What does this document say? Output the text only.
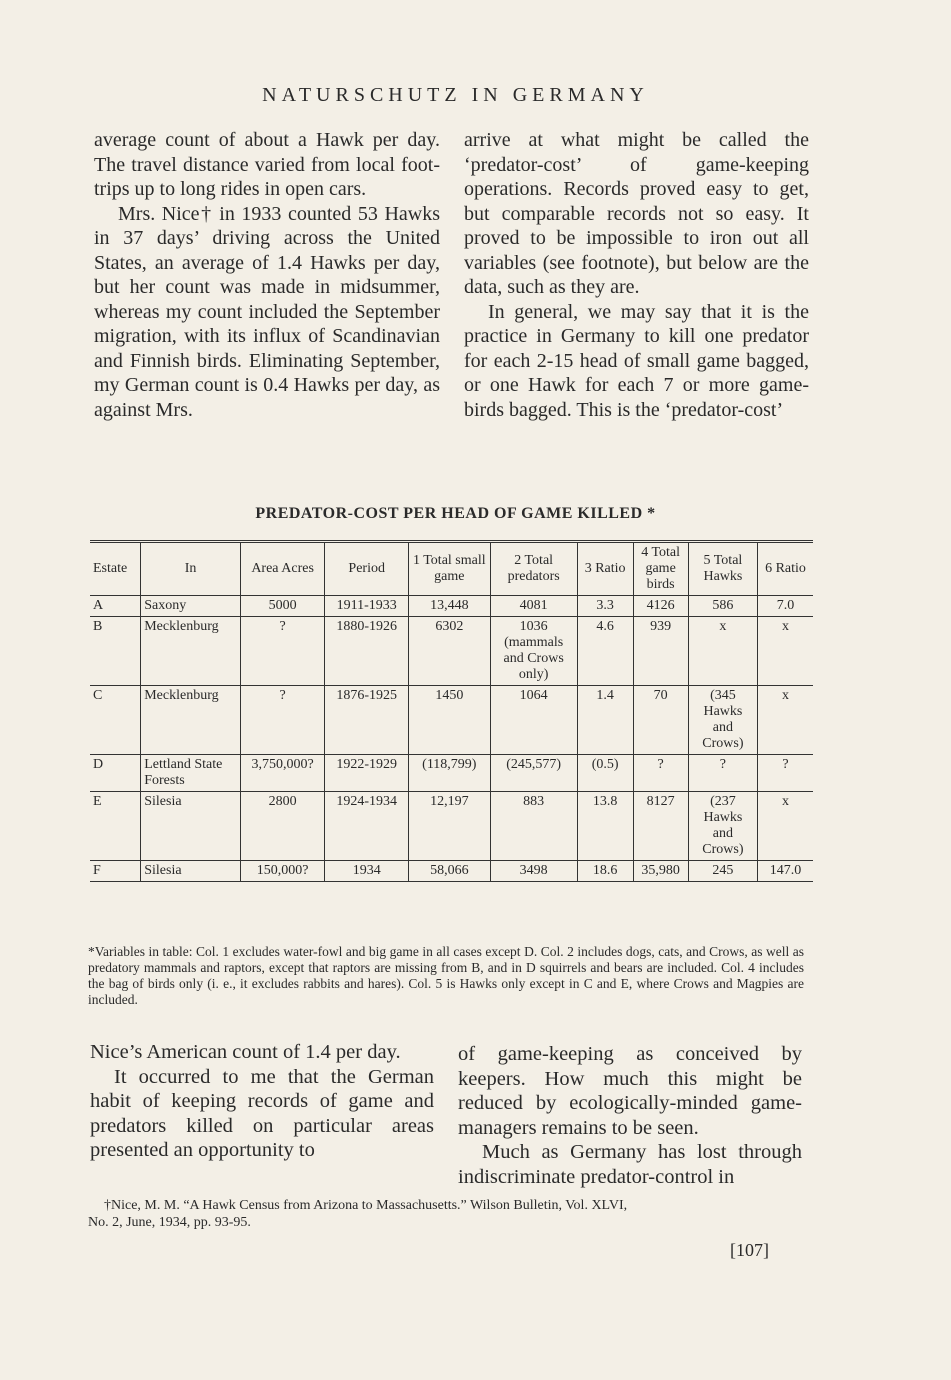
NATURSCHUTZ IN GERMANY

average count of about a Hawk per day. The travel distance varied from local foot-trips up to long rides in open cars.

Mrs. Nice† in 1933 counted 53 Hawks in 37 days’ driving across the United States, an average of 1.4 Hawks per day, but her count was made in midsummer, whereas my count included the September migration, with its influx of Scandinavian and Finnish birds. Eliminating September, my German count is 0.4 Hawks per day, as against Mrs.

arrive at what might be called the ‘predator-cost’ of game-keeping operations. Records proved easy to get, but comparable records not so easy. It proved to be impossible to iron out all variables (see footnote), but below are the data, such as they are.

In general, we may say that it is the practice in Germany to kill one predator for each 2-15 head of small game bagged, or one Hawk for each 7 or more game-birds bagged. This is the ‘predator-cost’

PREDATOR-COST PER HEAD OF GAME KILLED *
Estate	In	Area Acres	Period	1 Total small game	2 Total predators	3 Ratio	4 Total game birds	5 Total Hawks	6 Ratio
A	Saxony	5000	1911-1933	13,448	4081	3.3	4126	586	7.0
B	Mecklenburg	?	1880-1926	6302	1036 (mammals and Crows only)	4.6	939	x	x
C	Mecklenburg	?	1876-1925	1450	1064	1.4	70	(345 Hawks and Crows)	x
D	Lettland State Forests	3,750,000?	1922-1929	(118,799)	(245,577)	(0.5)	?	?	?
E	Silesia	2800	1924-1934	12,197	883	13.8	8127	(237 Hawks and Crows)	x
F	Silesia	150,000?	1934	58,066	3498	18.6	35,980	245	147.0
*Variables in table: Col. 1 excludes water-fowl and big game in all cases except D. Col. 2 includes dogs, cats, and Crows, as well as predatory mammals and raptors, except that raptors are missing from B, and in D squirrels and bears are included. Col. 4 includes the bag of birds only (i. e., it excludes rabbits and hares). Col. 5 is Hawks only except in C and E, where Crows and Magpies are included.

Nice’s American count of 1.4 per day.

It occurred to me that the German habit of keeping records of game and predators killed on particular areas presented an opportunity to

of game-keeping as conceived by keepers. How much this might be reduced by ecologically-minded game-managers remains to be seen.

Much as Germany has lost through indiscriminate predator-control in

†Nice, M. M. “A Hawk Census from Arizona to Massachusetts.” Wilson Bulletin, Vol. XLVI,
No. 2, June, 1934, pp. 93-95.
[107]
